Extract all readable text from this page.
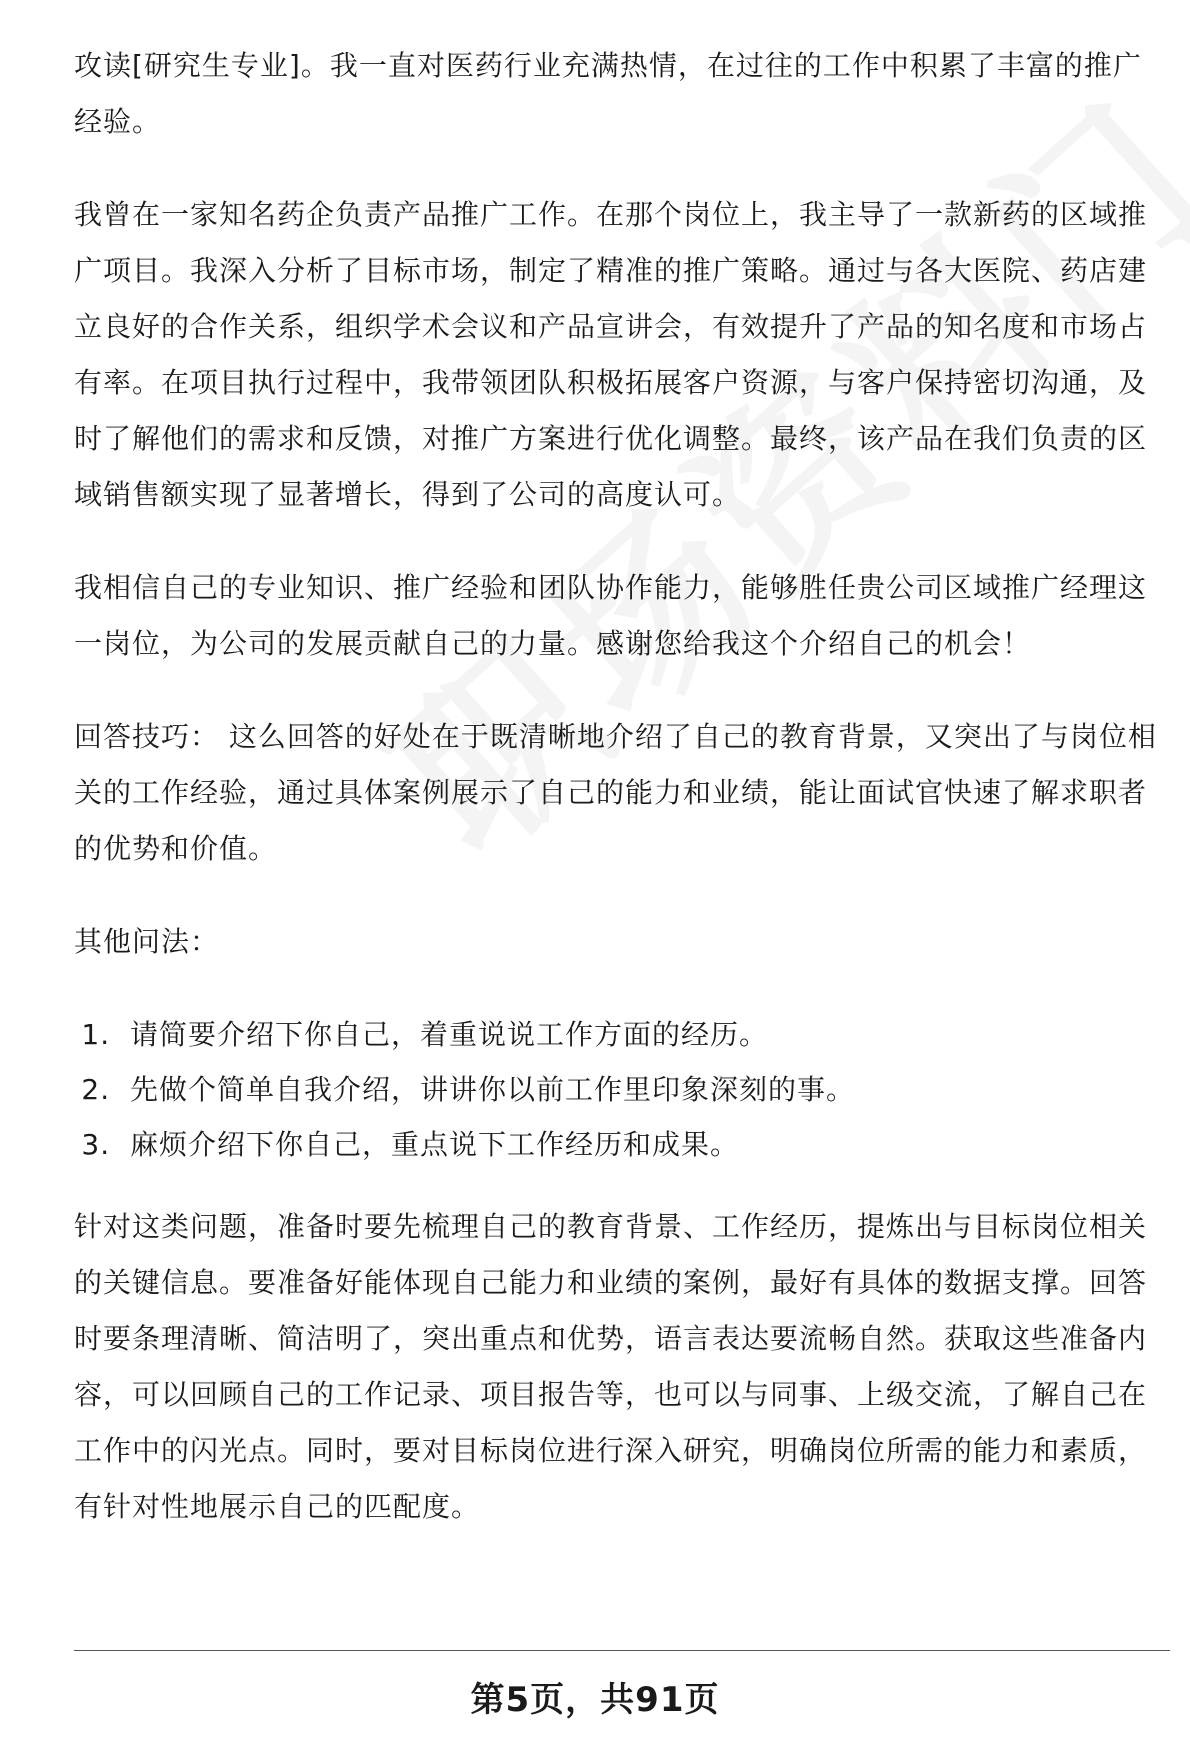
攻读[研究生专业]。我一直对医药行业充满热情，在过往的工作中积累了丰富的推广经验。

我曾在一家知名药企负责产品推广工作。在那个岗位上，我主导了一款新药的区域推广项目。我深入分析了目标市场，制定了精准的推广策略。通过与各大医院、药店建立良好的合作关系，组织学术会议和产品宣讲会，有效提升了产品的知名度和市场占有率。在项目执行过程中，我带领团队积极拓展客户资源，与客户保持密切沟通，及时了解他们的需求和反馈，对推广方案进行优化调整。最终，该产品在我们负责的区域销售额实现了显著增长，得到了公司的高度认可。

我相信自己的专业知识、推广经验和团队协作能力，能够胜任贵公司区域推广经理这一岗位，为公司的发展贡献自己的力量。感谢您给我这个介绍自己的机会！

回答技巧： 这么回答的好处在于既清晰地介绍了自己的教育背景，又突出了与岗位相关的工作经验，通过具体案例展示了自己的能力和业绩，能让面试官快速了解求职者的优势和价值。

其他问法：

1. 请简要介绍下你自己，着重说说工作方面的经历。
2. 先做个简单自我介绍，讲讲你以前工作里印象深刻的事。
3. 麻烦介绍下你自己，重点说下工作经历和成果。

针对这类问题，准备时要先梳理自己的教育背景、工作经历，提炼出与目标岗位相关的关键信息。要准备好能体现自己能力和业绩的案例，最好有具体的数据支撑。回答时要条理清晰、简洁明了，突出重点和优势，语言表达要流畅自然。获取这些准备内容，可以回顾自己的工作记录、项目报告等，也可以与同事、上级交流，了解自己在工作中的闪光点。同时，要对目标岗位进行深入研究，明确岗位所需的能力和素质，有针对性地展示自己的匹配度。

第5页，共91页
